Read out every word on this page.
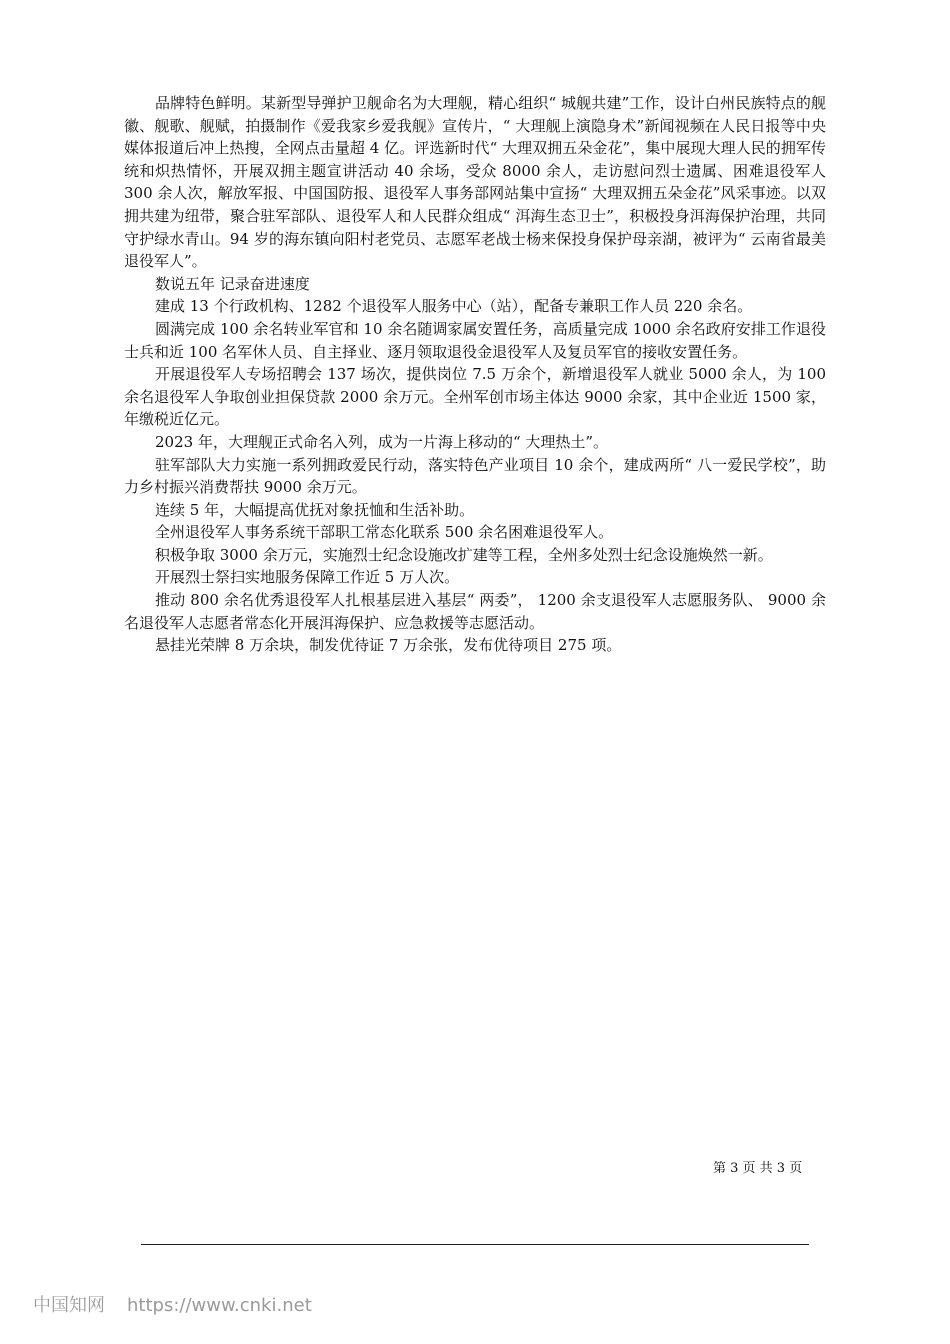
品牌特色鲜明。某新型导弹护卫舰命名为大理舰，精心组织“ 城舰共建”工作，设计白州民族特点的舰徽、舰歌、舰赋，拍摄制作《爱我家乡爱我舰》宣传片，“ 大理舰上演隐身术”新闻视频在人民日报等中央媒体报道后冲上热搜，全网点击量超 4 亿。评选新时代“ 大理双拥五朵金花”，集中展现大理人民的拥军传统和炽热情怀，开展双拥主题宣讲活动 40 余场，受众 8000 余人，走访慰问烈士遗属、困难退役军人 300 余人次，解放军报、中国国防报、退役军人事务部网站集中宣扬“ 大理双拥五朵金花”风采事迹。以双拥共建为纽带，聚合驻军部队、退役军人和人民群众组成“ 洱海生态卫士”，积极投身洱海保护治理，共同守护绿水青山。94 岁的海东镇向阳村老党员、志愿军老战士杨来保投身保护母亲湖，被评为“ 云南省最美退役军人”。

数说五年 记录奋进速度

建成 13 个行政机构、1282 个退役军人服务中心（站），配备专兼职工作人员 220 余名。

圆满完成 100 余名转业军官和 10 余名随调家属安置任务，高质量完成 1000 余名政府安排工作退役士兵和近 100 名军休人员、自主择业、逐月领取退役金退役军人及复员军官的接收安置任务。

开展退役军人专场招聘会 137 场次，提供岗位 7.5 万余个，新增退役军人就业 5000 余人，为 100 余名退役军人争取创业担保贷款 2000 余万元。全州军创市场主体达 9000 余家，其中企业近 1500 家，年缴税近亿元。

2023 年，大理舰正式命名入列，成为一片海上移动的“ 大理热土”。

驻军部队大力实施一系列拥政爱民行动，落实特色产业项目 10 余个，建成两所“ 八一爱民学校”，助力乡村振兴消费帮扶 9000 余万元。

连续 5 年，大幅提高优抚对象抚恤和生活补助。

全州退役军人事务系统干部职工常态化联系 500 余名困难退役军人。

积极争取 3000 余万元，实施烈士纪念设施改扩建等工程，全州多处烈士纪念设施焕然一新。

开展烈士祭扫实地服务保障工作近 5 万人次。

推动 800 余名优秀退役军人扎根基层进入基层“ 两委”， 1200 余支退役军人志愿服务队、 9000 余名退役军人志愿者常态化开展洱海保护、应急救援等志愿活动。

悬挂光荣牌 8 万余块，制发优待证 7 万余张，发布优待项目 275 项。

第 3 页 共 3 页
中国知网 https://www.cnki.net
